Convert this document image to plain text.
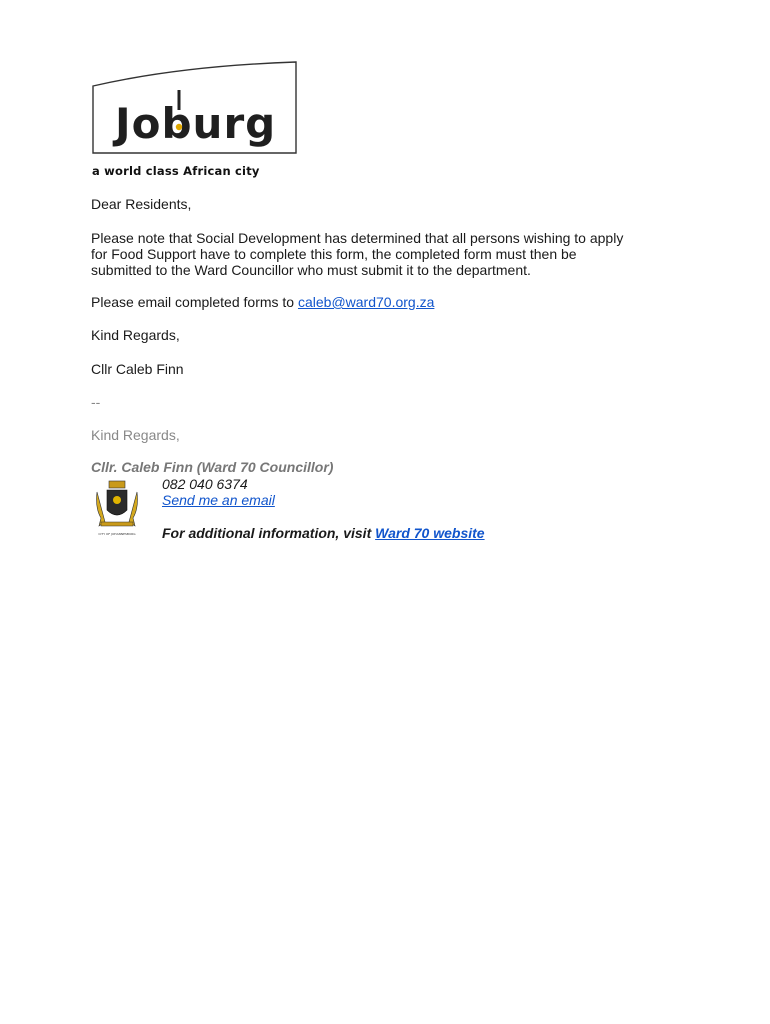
Joburg
a world class African city

Dear Residents,

Please note that Social Development has determined that all persons wishing to apply
for Food Support have to complete this form, the completed form must then be
submitted to the Ward Councillor who must submit it to the department.

Please email completed forms to caleb@ward70.org.za

Kind Regards,

Cllr Caleb Finn

--

Kind Regards,

Cllr. Caleb Finn (Ward 70 Councillor)
CITY OF JOHANNESBURG
082 040 6374
Send me an email
For additional information, visit Ward 70 website
